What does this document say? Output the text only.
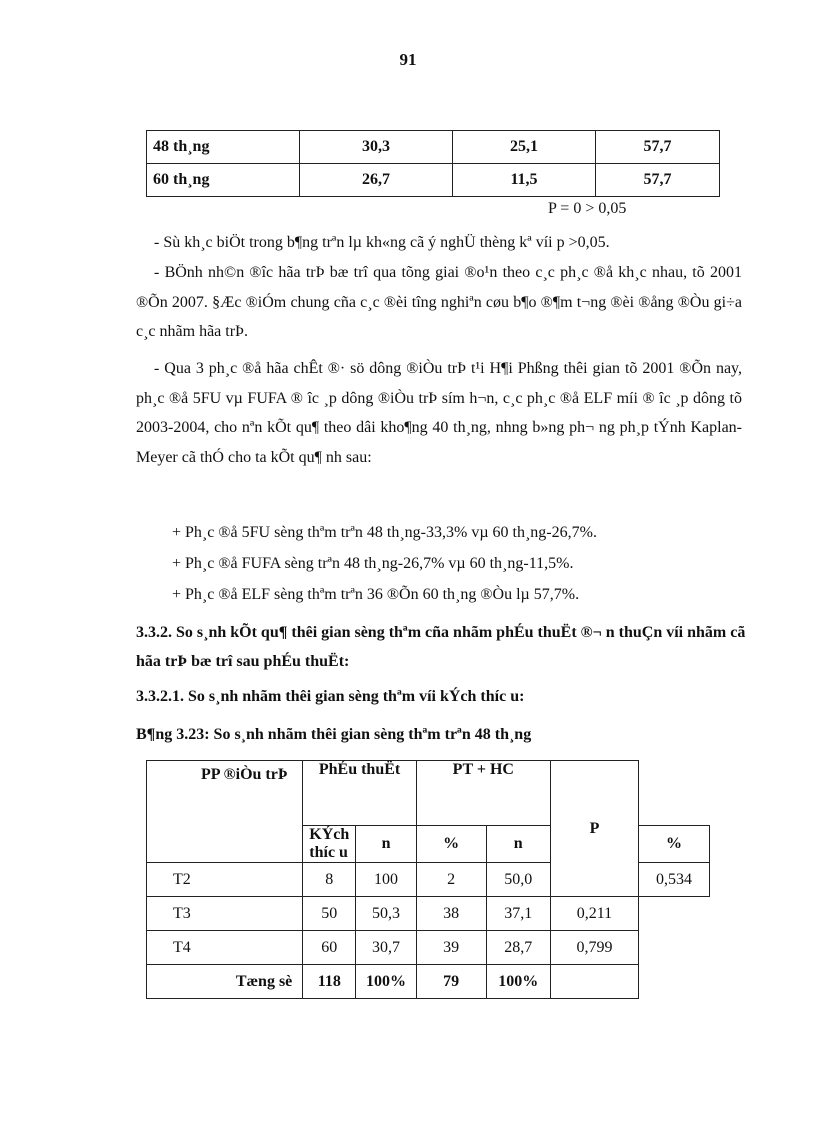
91
48 th¸ng	30,3	25,1	57,7
60 th¸ng	26,7	11,5	57,7
P = 0 > 0,05

- Sù kh¸c biÖt trong b¶ng trªn lµ kh«ng cã ý nghÜ thèng kª víi p >0,05.

- BÖnh nh©n ®îc hãa trÞ bæ trî qua tõng giai ®o¹n theo c¸c ph¸c ®å kh¸c nhau, tõ 2001 ®Õn 2007. §Æc ®iÓm chung cña c¸c ®èi tîng nghiªn cøu b¶o ®¶m t¬ng ®èi ®ång ®Òu gi÷a c¸c nhãm hãa trÞ.

- Qua 3 ph¸c ®å hãa chÊt ®· sö dông ®iÒu trÞ t¹i H¶i Phßng thêi gian tõ 2001 ®Õn nay, ph¸c ®å 5FU vµ FUFA ® îc ¸p dông ®iÒu trÞ sím h¬n, c¸c ph¸c ®å ELF míi ® îc ¸p dông tõ 2003-2004, cho nªn kÕt qu¶ theo dâi kho¶ng 40 th¸ng, nhng b»ng ph¬ ng ph¸p tÝnh Kaplan-Meyer cã thÓ cho ta kÕt qu¶ nh sau:

+ Ph¸c ®å 5FU sèng thªm trªn 48 th¸ng-33,3% vµ 60 th¸ng-26,7%.
+ Ph¸c ®å FUFA sèng trªn 48 th¸ng-26,7% vµ 60 th¸ng-11,5%.
+ Ph¸c ®å ELF sèng thªm trªn 36 ®Õn 60 th¸ng ®Òu lµ 57,7%.

3.3.2. So s¸nh kÕt qu¶ thêi gian sèng thªm cña nhãm phÉu thuËt ®¬ n thuÇn víi nhãm cã hãa trÞ bæ trî sau phÉu thuËt:

3.3.2.1. So s¸nh nhãm thêi gian sèng thªm víi kÝch thíc u:

B¶ng 3.23: So s¸nh nhãm thêi gian sèng thªm trªn 48 th¸ng

PP ®iÒu trÞ	PhÉu thuËt		PT + HC		P	
	KÝch thíc u	n	%	n		%
T2	8	100	2	50,0		0,534
T3	50	50,3	38	37,1	0,211	
T4	60	30,7	39	28,7	0,799	
Tæng sè	118	100%	79	100%		
